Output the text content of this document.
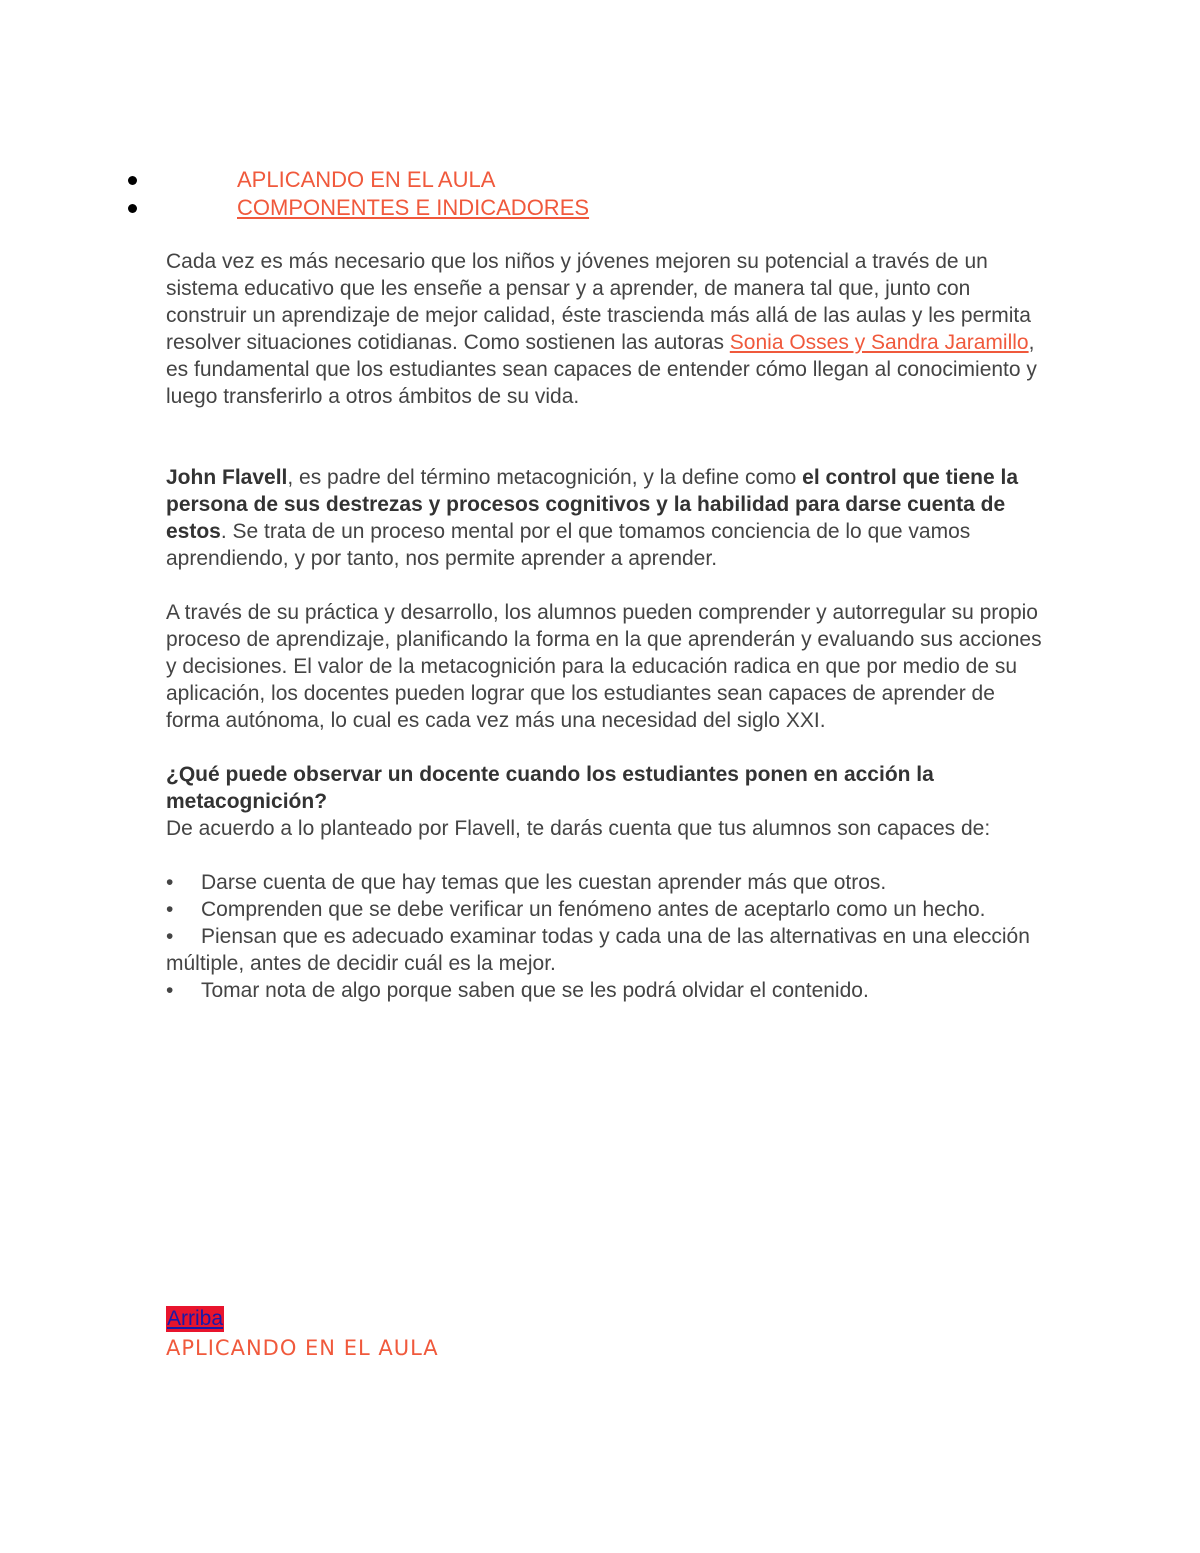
APLICANDO EN EL AULA
COMPONENTES E INDICADORES

Cada vez es más necesario que los niños y jóvenes mejoren su potencial a través de un sistema educativo que les enseñe a pensar y a aprender, de manera tal que, junto con construir un aprendizaje de mejor calidad, éste trascienda más allá de las aulas y les permita resolver situaciones cotidianas. Como sostienen las autoras Sonia Osses y Sandra Jaramillo, es fundamental que los estudiantes sean capaces de entender cómo llegan al conocimiento y luego transferirlo a otros ámbitos de su vida.

John Flavell, es padre del término metacognición, y la define como el control que tiene la persona de sus destrezas y procesos cognitivos y la habilidad para darse cuenta de estos. Se trata de un proceso mental por el que tomamos conciencia de lo que vamos aprendiendo, y por tanto, nos permite aprender a aprender.

A través de su práctica y desarrollo, los alumnos pueden comprender y autorregular su propio proceso de aprendizaje, planificando la forma en la que aprenderán y evaluando sus acciones y decisiones. El valor de la metacognición para la educación radica en que por medio de su aplicación, los docentes pueden lograr que los estudiantes sean capaces de aprender de forma autónoma, lo cual es cada vez más una necesidad del siglo XXI.

¿Qué puede observar un docente cuando los estudiantes ponen en acción la metacognición?

De acuerdo a lo planteado por Flavell, te darás cuenta que tus alumnos son capaces de:

• Darse cuenta de que hay temas que les cuestan aprender más que otros.
• Comprenden que se debe verificar un fenómeno antes de aceptarlo como un hecho.
• Piensan que es adecuado examinar todas y cada una de las alternativas en una elección múltiple, antes de decidir cuál es la mejor.
• Tomar nota de algo porque saben que se les podrá olvidar el contenido.
Arriba
APLICANDO EN EL AULA
